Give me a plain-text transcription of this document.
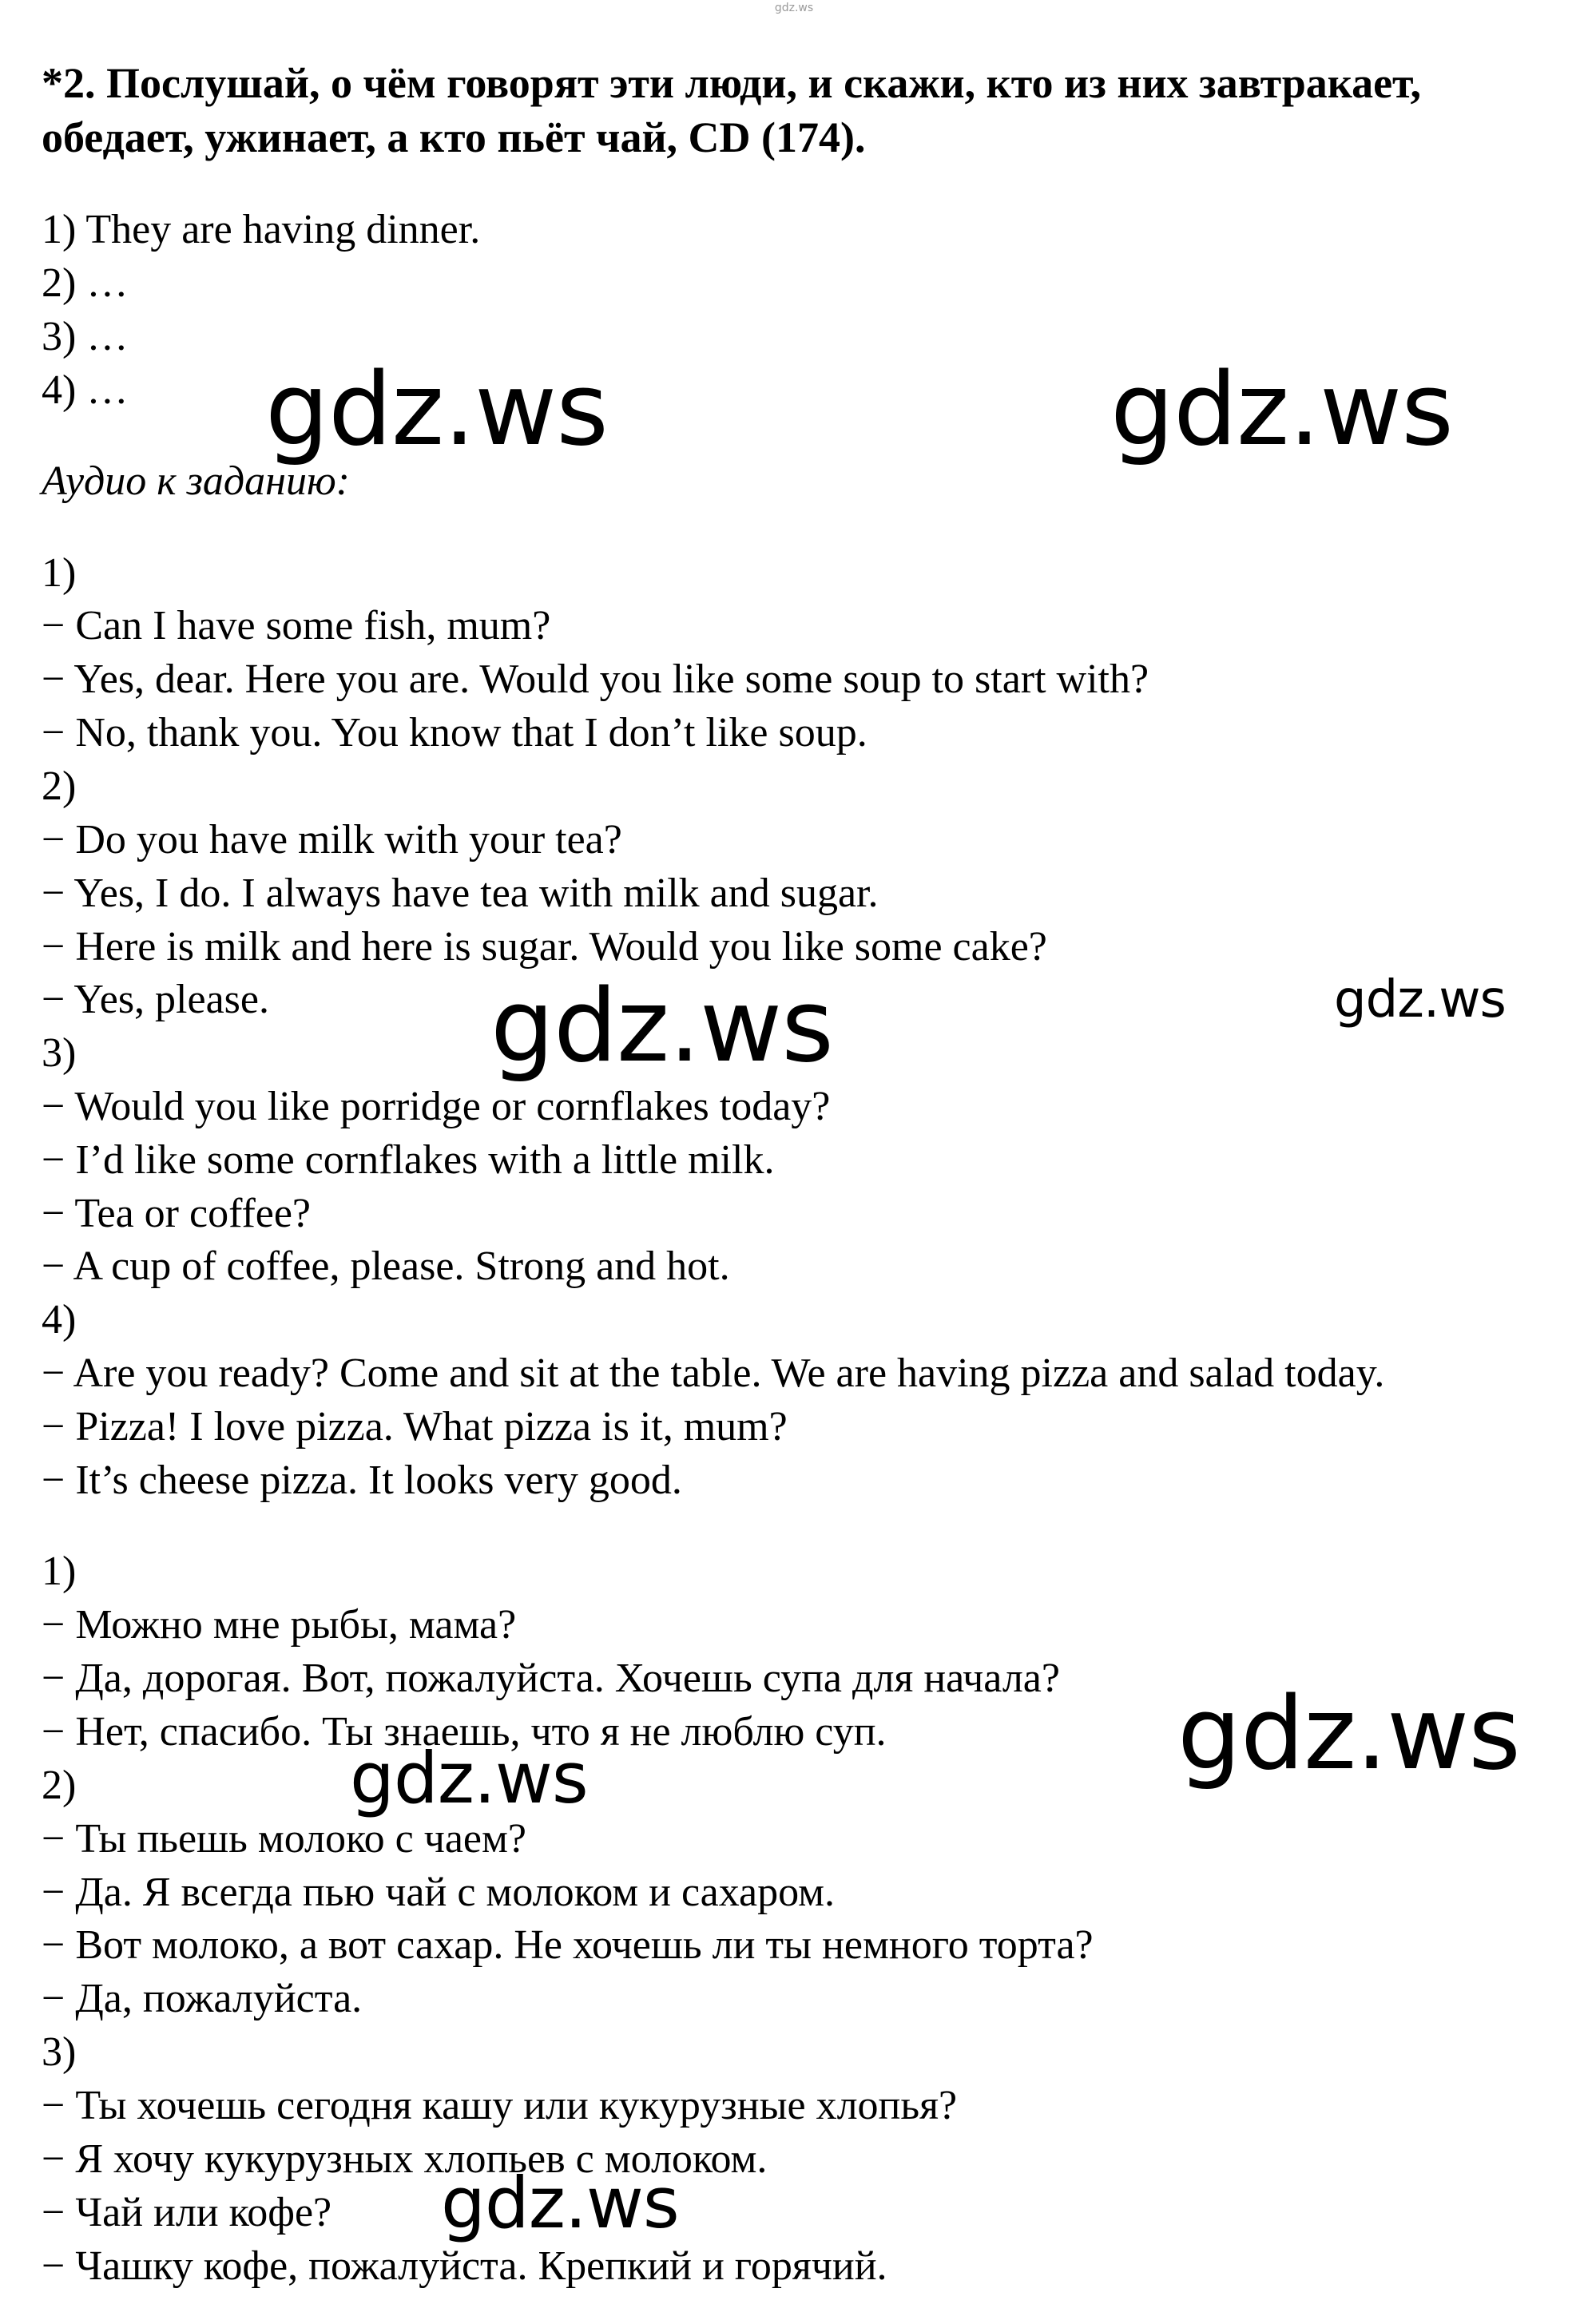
gdz.ws
*2. Послушай, о чём говорят эти люди, и скажи, кто из них завтракает, обедает, ужинает, а кто пьёт чай, CD (174).
1) They are having dinner.
2) …
3) …
4) …
Аудио к заданию:
1)
− Can I have some fish, mum?
− Yes, dear. Here you are. Would you like some soup to start with?
− No, thank you. You know that I don’t like soup.
2)
− Do you have milk with your tea?
− Yes, I do. I always have tea with milk and sugar.
− Here is milk and here is sugar. Would you like some cake?
− Yes, please.
3)
− Would you like porridge or cornflakes today?
− I’d like some cornflakes with a little milk.
− Tea or coffee?
− A cup of coffee, please. Strong and hot.
4)
− Are you ready? Come and sit at the table. We are having pizza and salad today.
− Pizza! I love pizza. What pizza is it, mum?
− It’s cheese pizza. It looks very good.
1)
− Можно мне рыбы, мама?
− Да, дорогая. Вот, пожалуйста. Хочешь супа для начала?
− Нет, спасибо. Ты знаешь, что я не люблю суп.
2)
− Ты пьешь молоко с чаем?
− Да. Я всегда пью чай с молоком и сахаром.
− Вот молоко, а вот сахар. Не хочешь ли ты немного торта?
− Да, пожалуйста.
3)
− Ты хочешь сегодня кашу или кукурузные хлопья?
− Я хочу кукурузных хлопьев с молоком.
− Чай или кофе?
− Чашку кофе, пожалуйста. Крепкий и горячий.
gdz.ws	gdz.ws
gdz.ws	gdz.ws
gdz.ws
gdz.ws
gdz.ws
